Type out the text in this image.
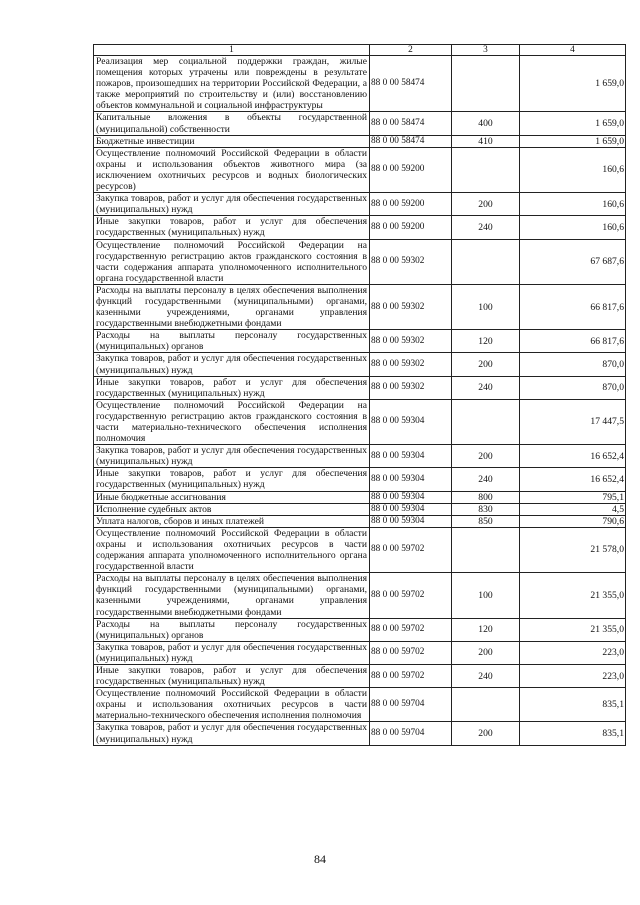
1	2	3	4
Реализация мер социальной поддержки граждан, жилые помещения которых утрачены или повреждены в результате пожаров, произошедших на территории Российской Федерации, а также мероприятий по строительству и (или) восстановлению объектов коммунальной и социальной инфраструктуры	88 0 00 58474		1 659,0
Капитальные вложения в объекты государственной (муниципальной) собственности	88 0 00 58474	400	1 659,0
Бюджетные инвестиции	88 0 00 58474	410	1 659,0
Осуществление полномочий Российской Федерации в области охраны и использования объектов животного мира (за исключением охотничьих ресурсов и водных биологических ресурсов)	88 0 00 59200		160,6
Закупка товаров, работ и услуг для обеспечения государственных (муниципальных) нужд	88 0 00 59200	200	160,6
Иные закупки товаров, работ и услуг для обеспечения государственных (муниципальных) нужд	88 0 00 59200	240	160,6
Осуществление полномочий Российской Федерации на государственную регистрацию актов гражданского состояния в части содержания аппарата уполномоченного исполнительного органа государственной власти	88 0 00 59302		67 687,6
Расходы на выплаты персоналу в целях обеспечения выполнения функций государственными (муниципальными) органами, казенными учреждениями, органами управления государственными внебюджетными фондами	88 0 00 59302	100	66 817,6
Расходы на выплаты персоналу государственных (муниципальных) органов	88 0 00 59302	120	66 817,6
Закупка товаров, работ и услуг для обеспечения государственных (муниципальных) нужд	88 0 00 59302	200	870,0
Иные закупки товаров, работ и услуг для обеспечения государственных (муниципальных) нужд	88 0 00 59302	240	870,0
Осуществление полномочий Российской Федерации на государственную регистрацию актов гражданского состояния в части материально-технического обеспечения исполнения полномочия	88 0 00 59304		17 447,5
Закупка товаров, работ и услуг для обеспечения государственных (муниципальных) нужд	88 0 00 59304	200	16 652,4
Иные закупки товаров, работ и услуг для обеспечения государственных (муниципальных) нужд	88 0 00 59304	240	16 652,4
Иные бюджетные ассигнования	88 0 00 59304	800	795,1
Исполнение судебных актов	88 0 00 59304	830	4,5
Уплата налогов, сборов и иных платежей	88 0 00 59304	850	790,6
Осуществление полномочий Российской Федерации в области охраны и использования охотничьих ресурсов в части содержания аппарата уполномоченного исполнительного органа государственной власти	88 0 00 59702		21 578,0
Расходы на выплаты персоналу в целях обеспечения выполнения функций государственными (муниципальными) органами, казенными учреждениями, органами управления государственными внебюджетными фондами	88 0 00 59702	100	21 355,0
Расходы на выплаты персоналу государственных (муниципальных) органов	88 0 00 59702	120	21 355,0
Закупка товаров, работ и услуг для обеспечения государственных (муниципальных) нужд	88 0 00 59702	200	223,0
Иные закупки товаров, работ и услуг для обеспечения государственных (муниципальных) нужд	88 0 00 59702	240	223,0
Осуществление полномочий Российской Федерации в области охраны и использования охотничьих ресурсов в части материально-технического обеспечения исполнения полномочия	88 0 00 59704		835,1
Закупка товаров, работ и услуг для обеспечения государственных (муниципальных) нужд	88 0 00 59704	200	835,1
84
